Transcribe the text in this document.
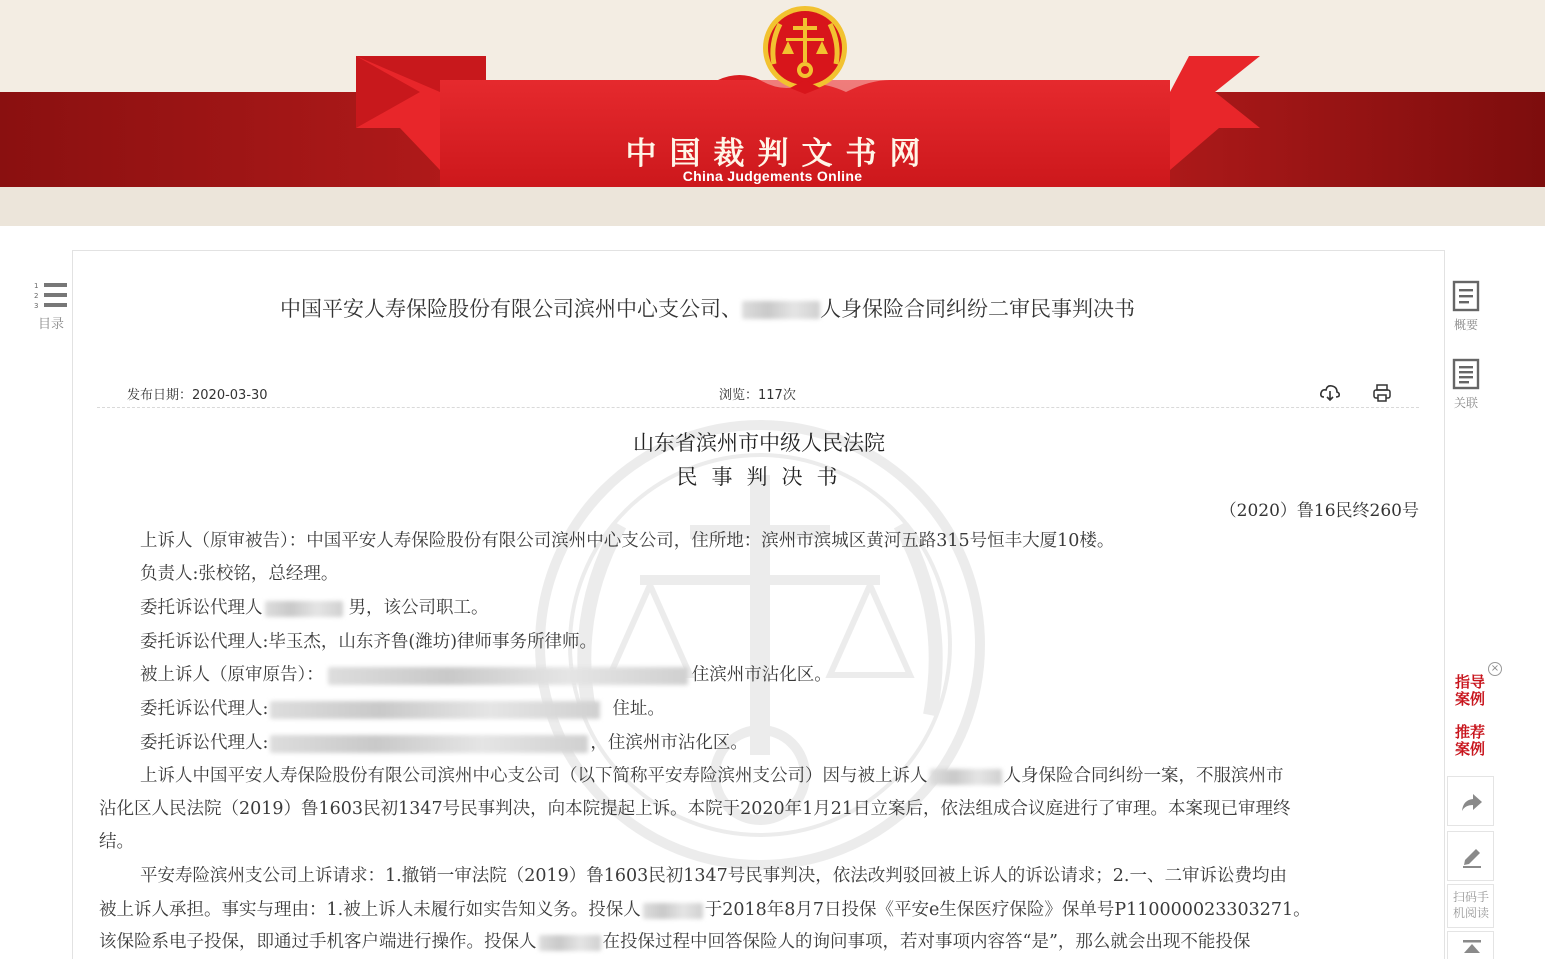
中国裁判文书网
China Judgements Online
1
2
3
目录
中国平安人寿保险股份有限公司滨州中心支公司、	人身保险合同纠纷二审民事判决书
发布日期：2020-03-30	浏览：117次
山东省滨州市中级人民法院
民事判决书
（2020）鲁16民终260号
上诉人（原审被告）：中国平安人寿保险股份有限公司滨州中心支公司，住所地：滨州市滨城区黄河五路315号恒丰大厦10楼。
负责人:张校铭，总经理。
委托诉讼代理人	男，该公司职工。
委托诉讼代理人:毕玉杰，山东齐鲁(潍坊)律师事务所律师。
被上诉人（原审原告）：	住滨州市沾化区。
委托诉讼代理人:	住址。
委托诉讼代理人:	，住滨州市沾化区。
上诉人中国平安人寿保险股份有限公司滨州中心支公司（以下简称平安寿险滨州支公司）因与被上诉人	人身保险合同纠纷一案，不服滨州市
沾化区人民法院（2019）鲁1603民初1347号民事判决，向本院提起上诉。本院于2020年1月21日立案后，依法组成合议庭进行了审理。本案现已审理终
结。
平安寿险滨州支公司上诉请求：1.撤销一审法院（2019）鲁1603民初1347号民事判决，依法改判驳回被上诉人的诉讼请求；2.一、二审诉讼费均由
被上诉人承担。事实与理由：1.被上诉人未履行如实告知义务。投保人	于2018年8月7日投保《平安e生保医疗保险》保单号P110000023303271。
该保险系电子投保，即通过手机客户端进行操作。投保人	在投保过程中回答保险人的询问事项，若对事项内容答“是”，那么就会出现不能投保
概要
关联
×
指导案例
推荐案例
扫码手机阅读
